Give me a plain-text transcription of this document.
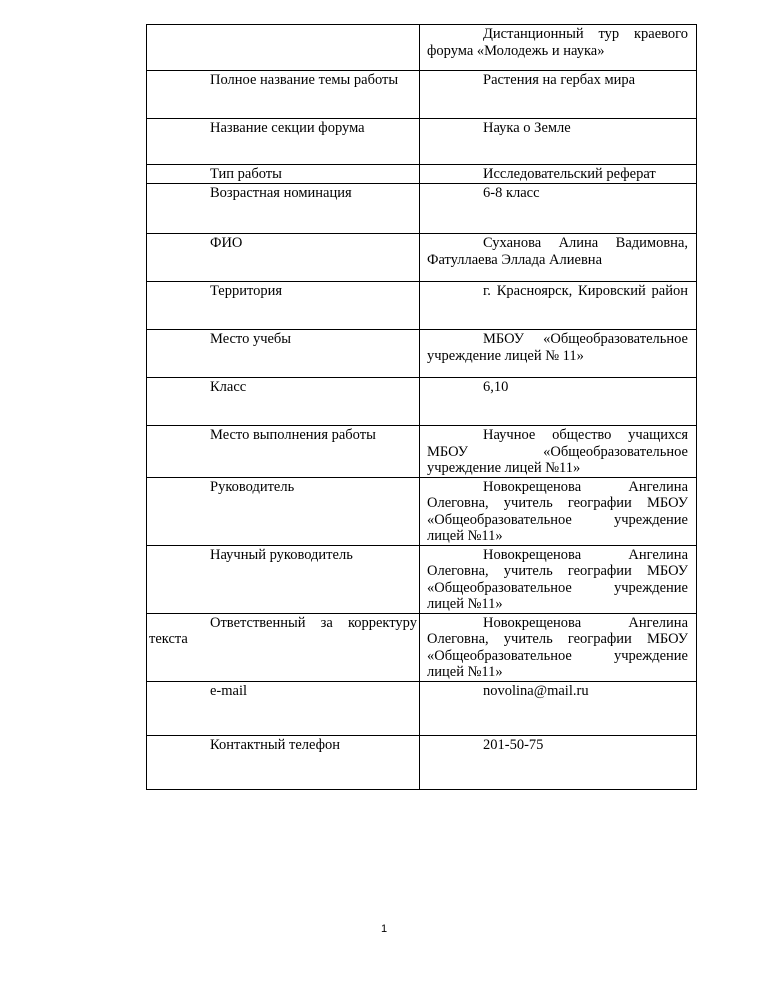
	Дистанционный тур краевого форума «Молодежь и наука»

Полное название темы работы	Растения на гербах мира

Название секции форума	Наука о Земле

Тип работы	Исследовательский реферат

Возрастная номинация	6-8 класс

ФИО	Суханова Алина Вадимовна, Фатуллаева Эллада Алиевна

Территория	г. Красноярск, Кировский район

Место учебы	МБОУ «Общеобразовательное учреждение лицей № 11»

Класс	6,10

Место выполнения работы	Научное общество учащихся МБОУ «Общеобразовательное учреждение лицей №11»

Руководитель	Новокрещенова Ангелина Олеговна, учитель географии МБОУ «Общеобразовательное учреждение лицей №11»

Научный руководитель	Новокрещенова Ангелина Олеговна, учитель географии МБОУ «Общеобразовательное учреждение лицей №11»

Ответственный за корректуру текста	Новокрещенова Ангелина Олеговна, учитель географии МБОУ «Общеобразовательное учреждение лицей №11»

e-mail	novolina@mail.ru

Контактный телефон	201-50-75
1
